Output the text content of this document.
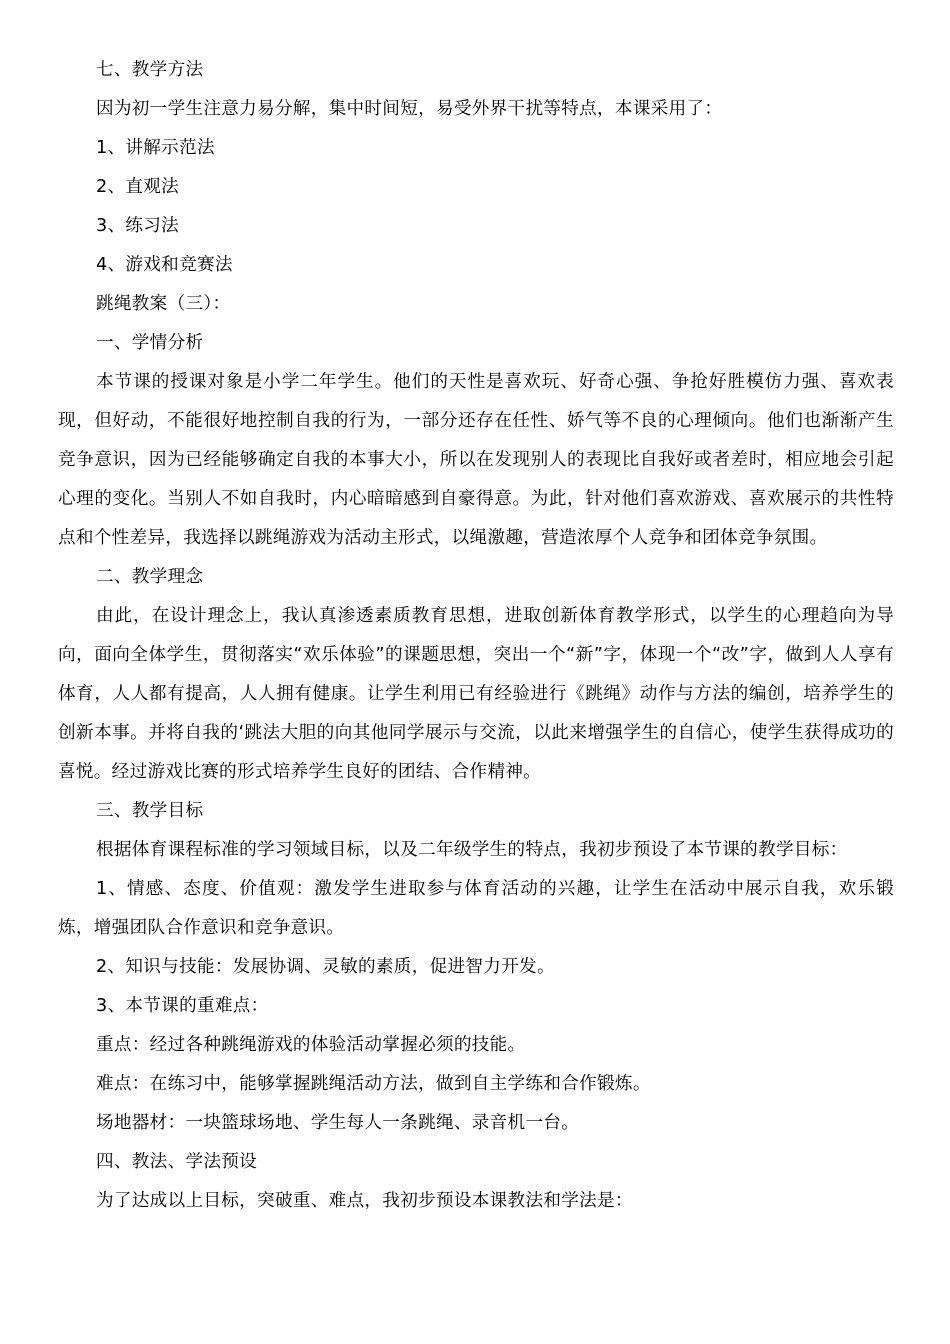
七、教学方法

因为初一学生注意力易分解，集中时间短，易受外界干扰等特点，本课采用了：

1、讲解示范法

2、直观法

3、练习法

4、游戏和竞赛法

跳绳教案（三）：

一、学情分析

本节课的授课对象是小学二年学生。他们的天性是喜欢玩、好奇心强、争抢好胜模仿力强、喜欢表现，但好动，不能很好地控制自我的行为，一部分还存在任性、娇气等不良的心理倾向。他们也渐渐产生竞争意识，因为已经能够确定自我的本事大小，所以在发现别人的表现比自我好或者差时，相应地会引起心理的变化。当别人不如自我时，内心暗暗感到自豪得意。为此，针对他们喜欢游戏、喜欢展示的共性特点和个性差异，我选择以跳绳游戏为活动主形式，以绳激趣，营造浓厚个人竞争和团体竞争氛围。

二、教学理念

由此，在设计理念上，我认真渗透素质教育思想，进取创新体育教学形式，以学生的心理趋向为导向，面向全体学生，贯彻落实“欢乐体验”的课题思想，突出一个“新”字，体现一个“改”字，做到人人享有体育，人人都有提高，人人拥有健康。让学生利用已有经验进行《跳绳》动作与方法的编创，培养学生的创新本事。并将自我的‘跳法大胆的向其他同学展示与交流，以此来增强学生的自信心，使学生获得成功的喜悦。经过游戏比赛的形式培养学生良好的团结、合作精神。

三、教学目标

根据体育课程标准的学习领域目标，以及二年级学生的特点，我初步预设了本节课的教学目标：

1、情感、态度、价值观：激发学生进取参与体育活动的兴趣，让学生在活动中展示自我，欢乐锻炼，增强团队合作意识和竞争意识。

2、知识与技能：发展协调、灵敏的素质，促进智力开发。

3、本节课的重难点：

重点：经过各种跳绳游戏的体验活动掌握必须的技能。

难点：在练习中，能够掌握跳绳活动方法，做到自主学练和合作锻炼。

场地器材：一块篮球场地、学生每人一条跳绳、录音机一台。

四、教法、学法预设

为了达成以上目标，突破重、难点，我初步预设本课教法和学法是：
